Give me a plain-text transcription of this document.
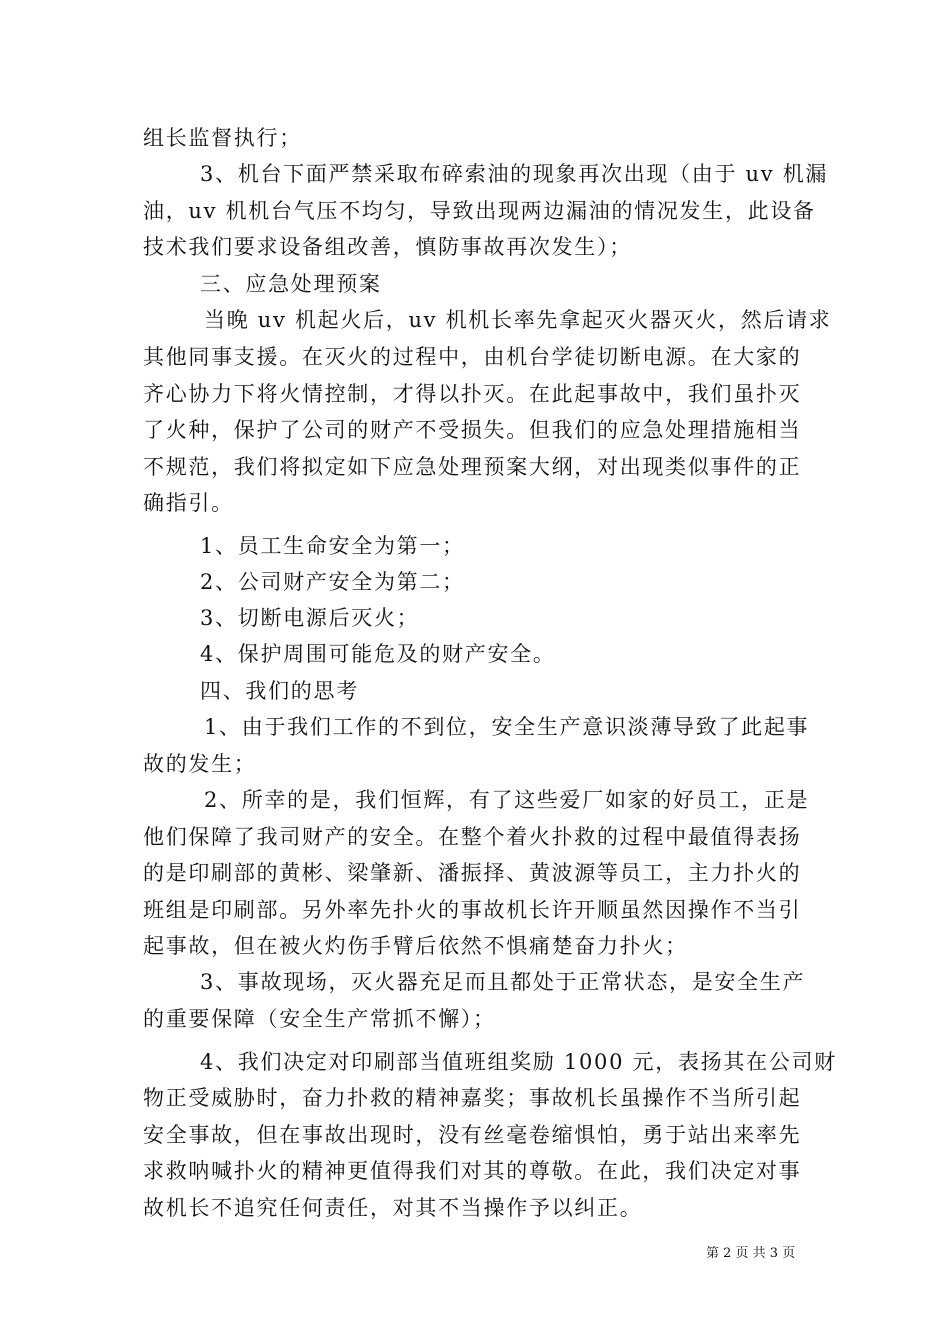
组长监督执行；
3、机台下面严禁采取布碎索油的现象再次出现（由于 uv 机漏
油，uv 机机台气压不均匀，导致出现两边漏油的情况发生，此设备
技术我们要求设备组改善，慎防事故再次发生）；
三、应急处理预案
当晚 uv 机起火后，uv 机机长率先拿起灭火器灭火，然后请求
其他同事支援。在灭火的过程中，由机台学徒切断电源。在大家的
齐心协力下将火情控制，才得以扑灭。在此起事故中，我们虽扑灭
了火种，保护了公司的财产不受损失。但我们的应急处理措施相当
不规范，我们将拟定如下应急处理预案大纲，对出现类似事件的正
确指引。
1、员工生命安全为第一；
2、公司财产安全为第二；
3、切断电源后灭火；
4、保护周围可能危及的财产安全。
四、我们的思考
1、由于我们工作的不到位，安全生产意识淡薄导致了此起事
故的发生；
2、所幸的是，我们恒辉，有了这些爱厂如家的好员工，正是
他们保障了我司财产的安全。在整个着火扑救的过程中最值得表扬
的是印刷部的黄彬、梁肇新、潘振择、黄波源等员工，主力扑火的
班组是印刷部。另外率先扑火的事故机长许开顺虽然因操作不当引
起事故，但在被火灼伤手臂后依然不惧痛楚奋力扑火；
3、事故现场，灭火器充足而且都处于正常状态，是安全生产
的重要保障（安全生产常抓不懈）；
4、我们决定对印刷部当值班组奖励 1000 元，表扬其在公司财
物正受威胁时，奋力扑救的精神嘉奖；事故机长虽操作不当所引起
安全事故，但在事故出现时，没有丝毫卷缩惧怕，勇于站出来率先
求救呐喊扑火的精神更值得我们对其的尊敬。在此，我们决定对事
故机长不追究任何责任，对其不当操作予以纠正。
第 2 页 共 3 页
